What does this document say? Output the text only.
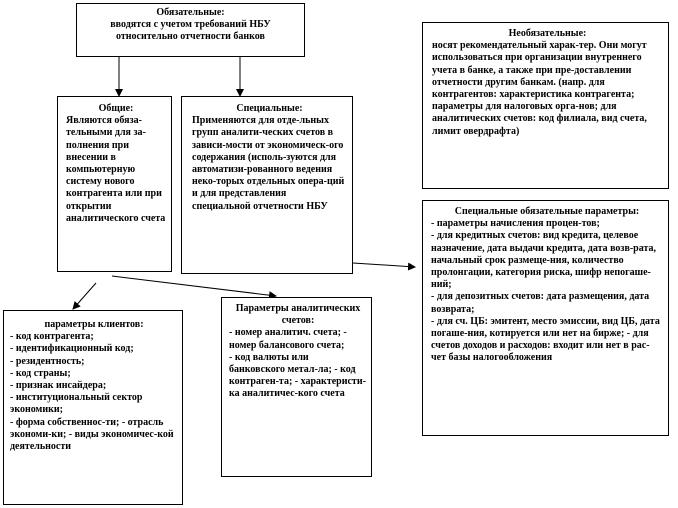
Обязательные:
вводятся с учетом требований НБУ относительно отчетности банков
Общие:
Являются обяза-тельными для за-полнения при внесении в компьютерную систему нового контрагента или при открытии аналитического счета
Специальные:
Применяются для отде-льных групп аналити-ческих счетов в зависи-мости от экономическ-ого содержания (исполь-зуются для автоматизи-рованного ведения неко-торых отдельных опера-ций и для представления специальной отчетности НБУ
Необязательные:
носят рекомендательный харак-тер. Они могут использоваться при организации внутреннего учета в банке, а также при пре-доставлении отчетности другим банкам. (напр. для контрагентов: характеристика контрагента; параметры для налоговых орга-нов; для аналитических счетов: код филиала, вид счета, лимит овердрафта)
Специальные обязательные параметры:
- параметры начисления процен-тов;
- для кредитных счетов: вид кредита, целевое назначение, дата выдачи кредита, дата возв-рата, начальный срок размеще-ния, количество пролонгации, категория риска, шифр непогаше-ний;
- для депозитных счетов: дата размещения, дата возврата;
- для сч. ЦБ: эмитент, место эмиссии, вид ЦБ, дата погаше-ния, котируется или нет на бирже; - для счетов доходов и расходов: входит или нет в рас-чет базы налогообложения
параметры клиентов:
- код контрагента;
- идентификационный код;
- резидентность;
- код страны;
- признак инсайдера;
- институциональный сектор экономики;
- форма собственнос-ти; - отрасль экономи-ки; - виды экономичес-кой деятельности
Параметры аналитических счетов:
- номер аналитич. счета; - номер балансового счета;
- код валюты или банковского метал-ла; - код контраген-та; - характеристи-ка аналитичес-кого счета
